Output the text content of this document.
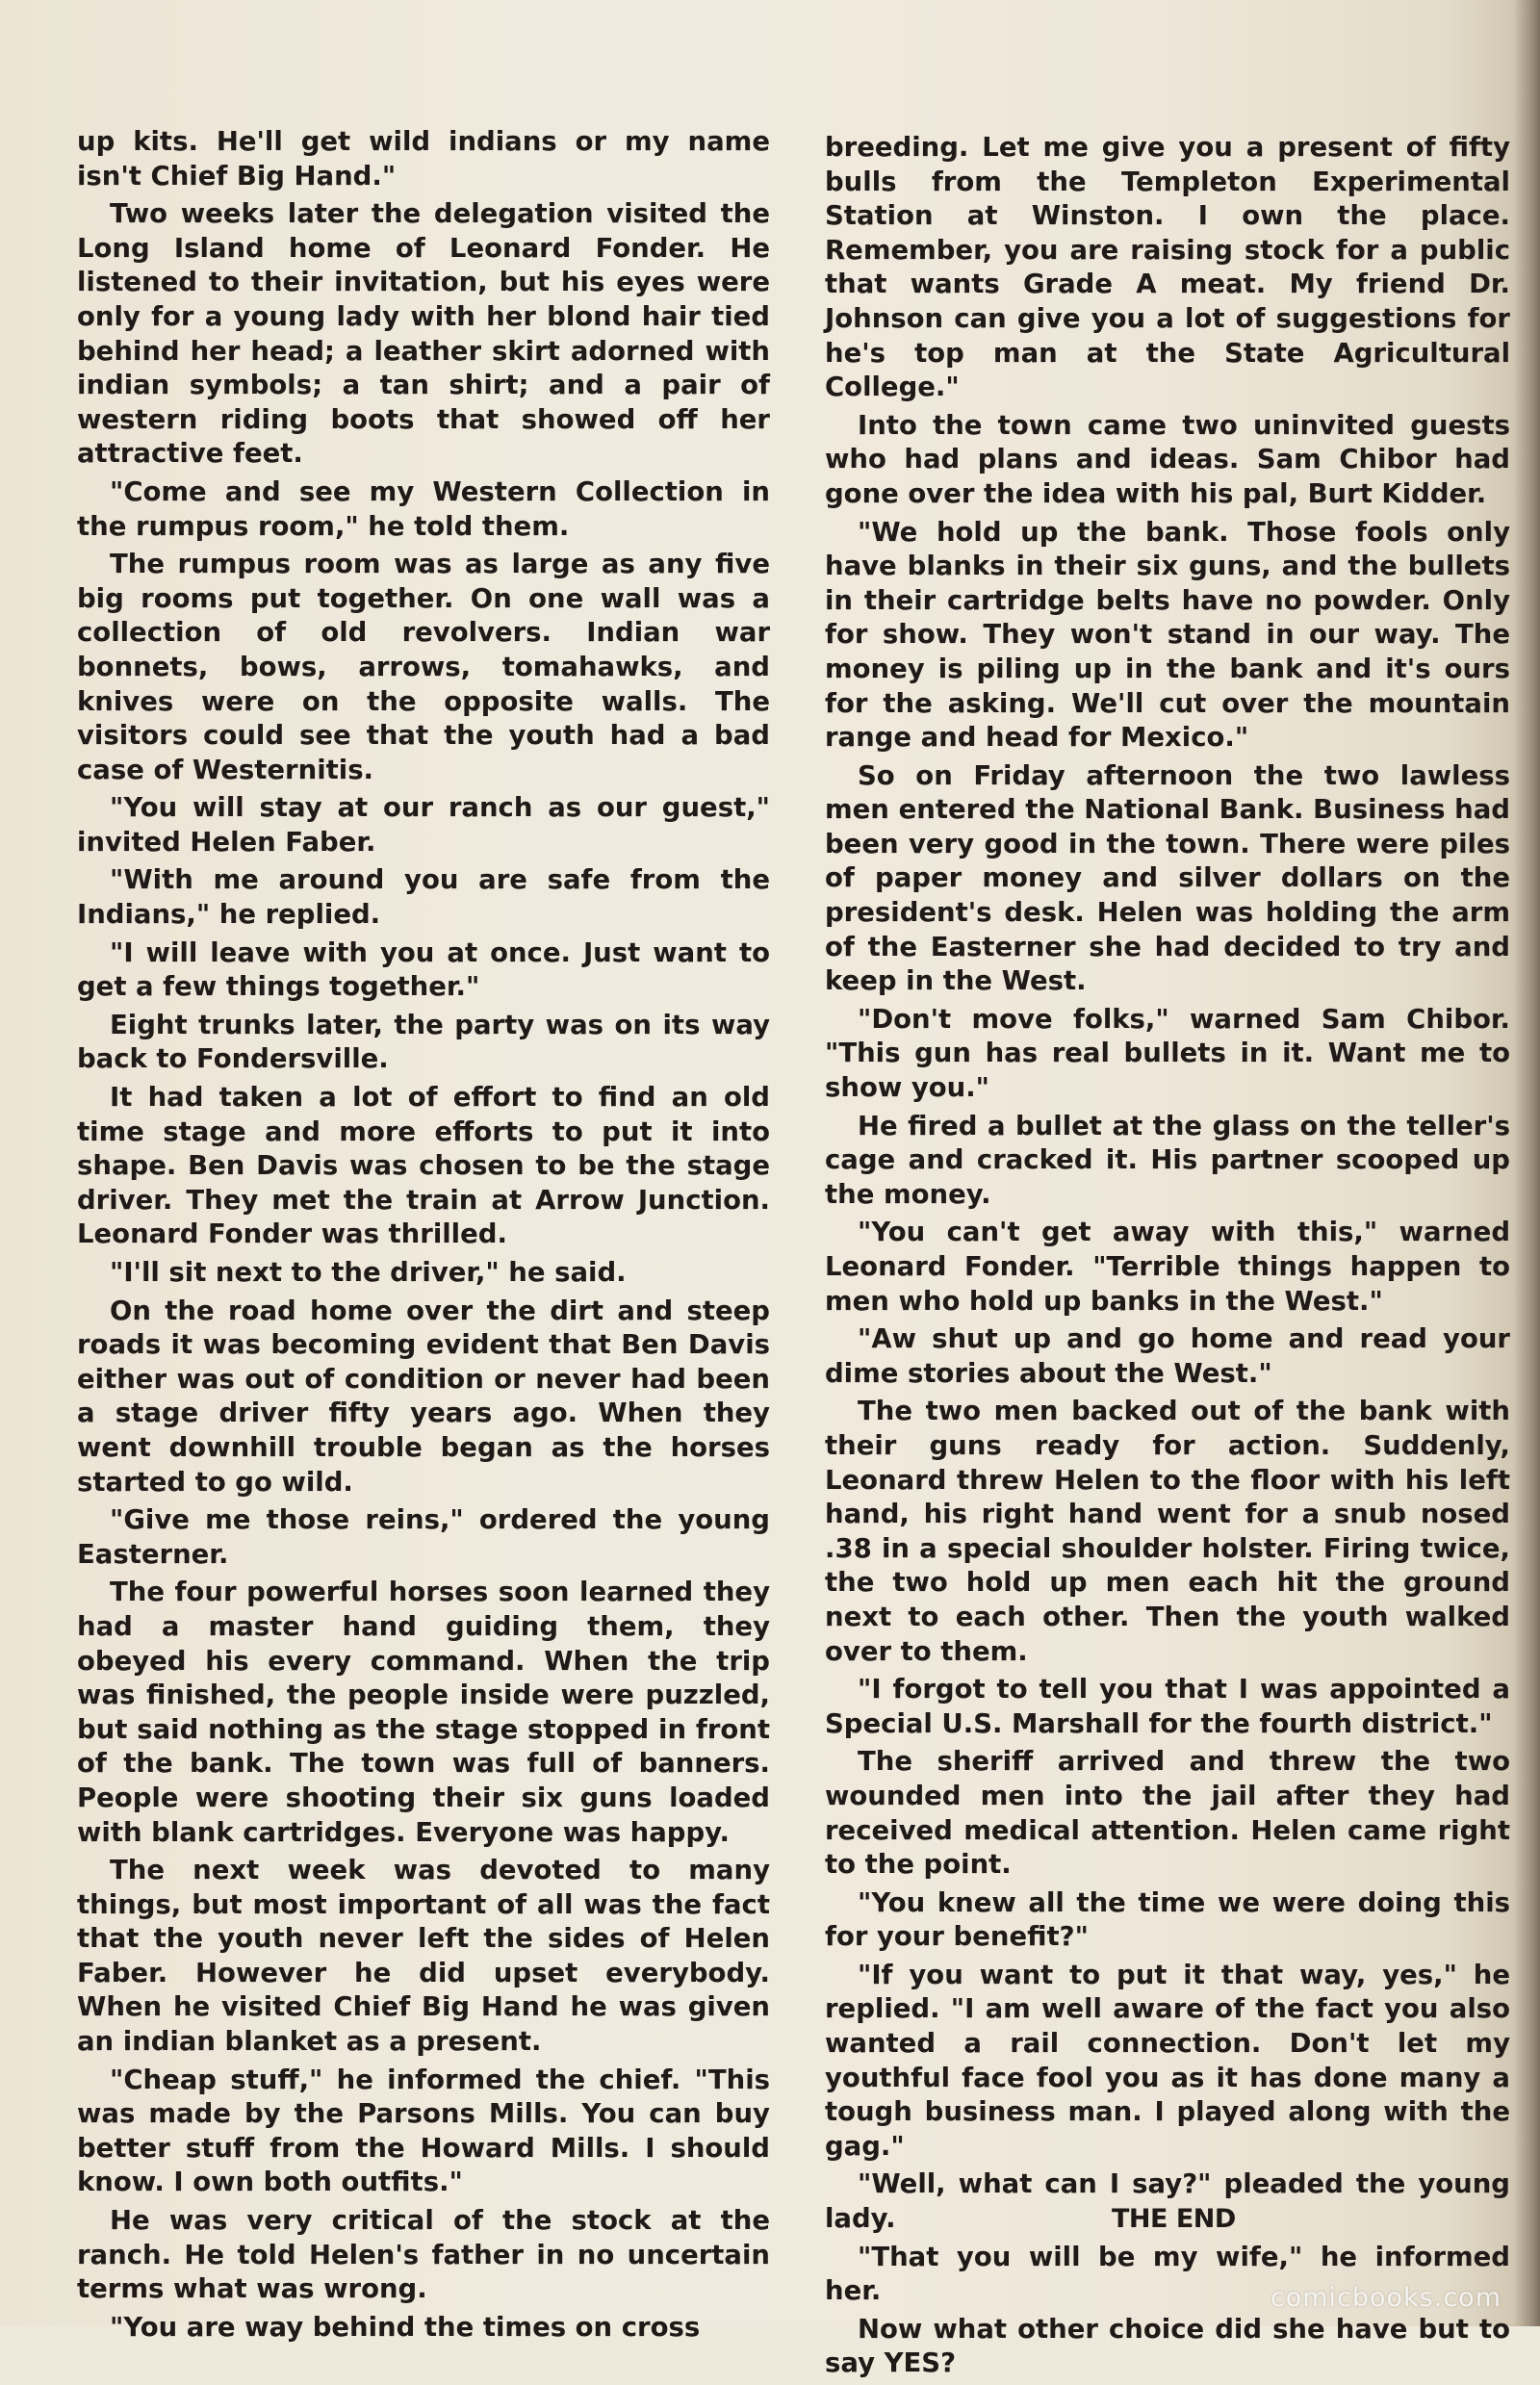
up kits. He'll get wild indians or my name isn't Chief Big Hand."

Two weeks later the delegation visited the Long Island home of Leonard Fonder. He listened to their invitation, but his eyes were only for a young lady with her blond hair tied behind her head; a leather skirt adorned with indian symbols; a tan shirt; and a pair of western riding boots that showed off her attractive feet.

"Come and see my Western Collection in the rumpus room," he told them.

The rumpus room was as large as any five big rooms put together. On one wall was a collection of old revolvers. Indian war bonnets, bows, arrows, tomahawks, and knives were on the opposite walls. The visitors could see that the youth had a bad case of Westernitis.

"You will stay at our ranch as our guest," invited Helen Faber.

"With me around you are safe from the Indians," he replied.

"I will leave with you at once. Just want to get a few things together."

Eight trunks later, the party was on its way back to Fondersville.

It had taken a lot of effort to find an old time stage and more efforts to put it into shape. Ben Davis was chosen to be the stage driver. They met the train at Arrow Junction. Leonard Fonder was thrilled.

"I'll sit next to the driver," he said.

On the road home over the dirt and steep roads it was becoming evident that Ben Davis either was out of condition or never had been a stage driver fifty years ago. When they went downhill trouble began as the horses started to go wild.

"Give me those reins," ordered the young Easterner.

The four powerful horses soon learned they had a master hand guiding them, they obeyed his every command. When the trip was finished, the people inside were puzzled, but said nothing as the stage stopped in front of the bank. The town was full of banners. People were shooting their six guns loaded with blank cartridges. Everyone was happy.

The next week was devoted to many things, but most important of all was the fact that the youth never left the sides of Helen Faber. However he did upset everybody. When he visited Chief Big Hand he was given an indian blanket as a present.

"Cheap stuff," he informed the chief. "This was made by the Parsons Mills. You can buy better stuff from the Howard Mills. I should know. I own both outfits."

He was very critical of the stock at the ranch. He told Helen's father in no uncertain terms what was wrong.

"You are way behind the times on cross

breeding. Let me give you a present of fifty bulls from the Templeton Experimental Station at Winston. I own the place. Remember, you are raising stock for a public that wants Grade A meat. My friend Dr. Johnson can give you a lot of suggestions for he's top man at the State Agricultural College."

Into the town came two uninvited guests who had plans and ideas. Sam Chibor had gone over the idea with his pal, Burt Kidder.

"We hold up the bank. Those fools only have blanks in their six guns, and the bullets in their cartridge belts have no powder. Only for show. They won't stand in our way. The money is piling up in the bank and it's ours for the asking. We'll cut over the mountain range and head for Mexico."

So on Friday afternoon the two lawless men entered the National Bank. Business had been very good in the town. There were piles of paper money and silver dollars on the president's desk. Helen was holding the arm of the Easterner she had decided to try and keep in the West.

"Don't move folks," warned Sam Chibor. "This gun has real bullets in it. Want me to show you."

He fired a bullet at the glass on the teller's cage and cracked it. His partner scooped up the money.

"You can't get away with this," warned Leonard Fonder. "Terrible things happen to men who hold up banks in the West."

"Aw shut up and go home and read your dime stories about the West."

The two men backed out of the bank with their guns ready for action. Suddenly, Leonard threw Helen to the floor with his left hand, his right hand went for a snub nosed .38 in a special shoulder holster. Firing twice, the two hold up men each hit the ground next to each other. Then the youth walked over to them.

"I forgot to tell you that I was appointed a Special U.S. Marshall for the fourth district."

The sheriff arrived and threw the two wounded men into the jail after they had received medical attention. Helen came right to the point.

"You knew all the time we were doing this for your benefit?"

"If you want to put it that way, yes," he replied. "I am well aware of the fact you also wanted a rail connection. Don't let my youthful face fool you as it has done many a tough business man. I played along with the gag."

"Well, what can I say?" pleaded the young lady.

"That you will be my wife," he informed her.

Now what other choice did she have but to say YES?

THE END
comicbooks.com
